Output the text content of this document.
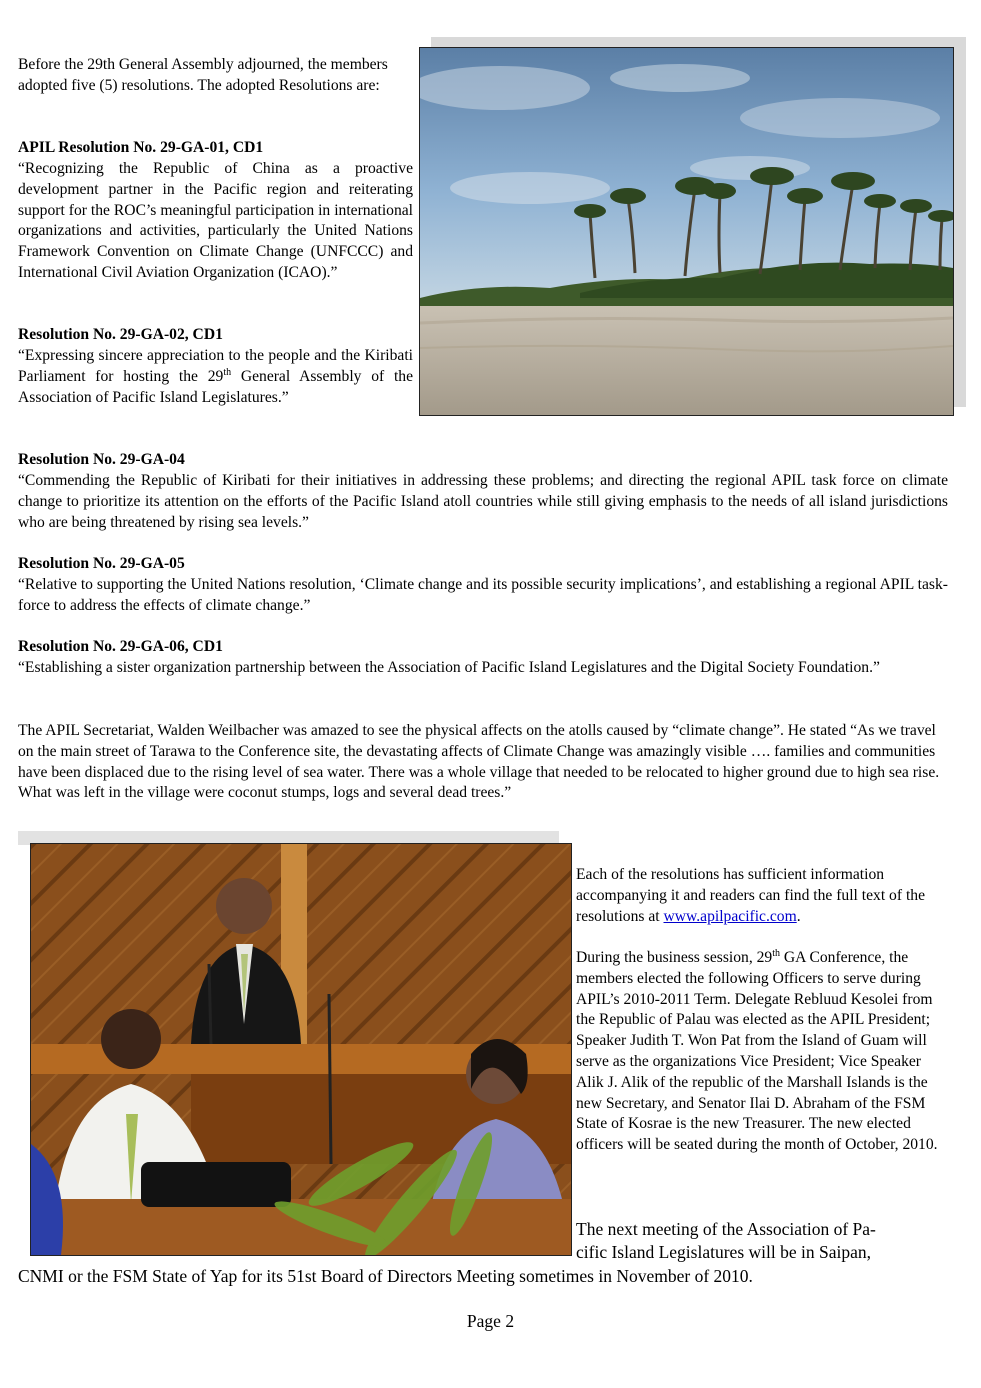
Before the 29th General Assembly adjourned, the members adopted five (5) resolutions. The adopted Resolutions are:

APIL Resolution No. 29-GA-01, CD1

“Recognizing the Republic of China as a proactive development partner in the Pacific region and reiterating support for the ROC’s meaningful participation in international organizations and activities, particularly the United Nations Framework Convention on Climate Change (UNFCCC) and International Civil Aviation Organization (ICAO).”

Resolution No. 29-GA-02, CD1

“Expressing sincere appreciation to the people and the Kiribati Parliament for hosting the 29th General Assembly of the Association of Pacific Island Legislatures.”

Resolution No. 29-GA-04

“Commending the Republic of Kiribati for their initiatives in addressing these problems; and directing the regional APIL task force on climate change to prioritize its attention on the efforts of the Pacific Island atoll countries while still giving emphasis to the needs of all island jurisdictions who are being threatened by rising sea levels.”

Resolution No. 29-GA-05

“Relative to supporting the United Nations resolution, ‘Climate change and its possible security implications’, and establishing a regional APIL task-force to address the effects of climate change.”

Resolution No. 29-GA-06, CD1

“Establishing a sister organization partnership between the Association of Pacific Island Legislatures and the Digital Society Foundation.”

The APIL Secretariat, Walden Weilbacher was amazed to see the physical affects on the atolls caused by “climate change”. He stated “As we travel on the main street of Tarawa to the Conference site, the devastating affects of Climate Change was amazingly visible …. families and communities have been displaced due to the rising level of sea water. There was a whole village that needed to be relocated to higher ground due to high sea rise. What was left in the village were coconut stumps, logs and several dead trees.”

Each of the resolutions has sufficient information accompanying it and readers can find the full text of the resolutions at www.apilpacific.com.

During the business session, 29th GA Conference, the members elected the following Officers to serve during APIL’s 2010-2011 Term. Delegate Rebluud Kesolei from the Republic of Palau was elected as the APIL President; Speaker Judith T. Won Pat from the Island of Guam will serve as the organizations Vice President; Vice Speaker Alik J. Alik of the republic of the Marshall Islands is the new Secretary, and Senator Ilai D. Abraham of the FSM State of Kosrae is the new Treasurer. The new elected officers will be seated during the month of October, 2010.

The next meeting of the Association of Pa-

cific Island Legislatures will be in Saipan,

CNMI or the FSM State of Yap for its 51st Board of Directors Meeting sometimes in November of 2010.

Page 2
